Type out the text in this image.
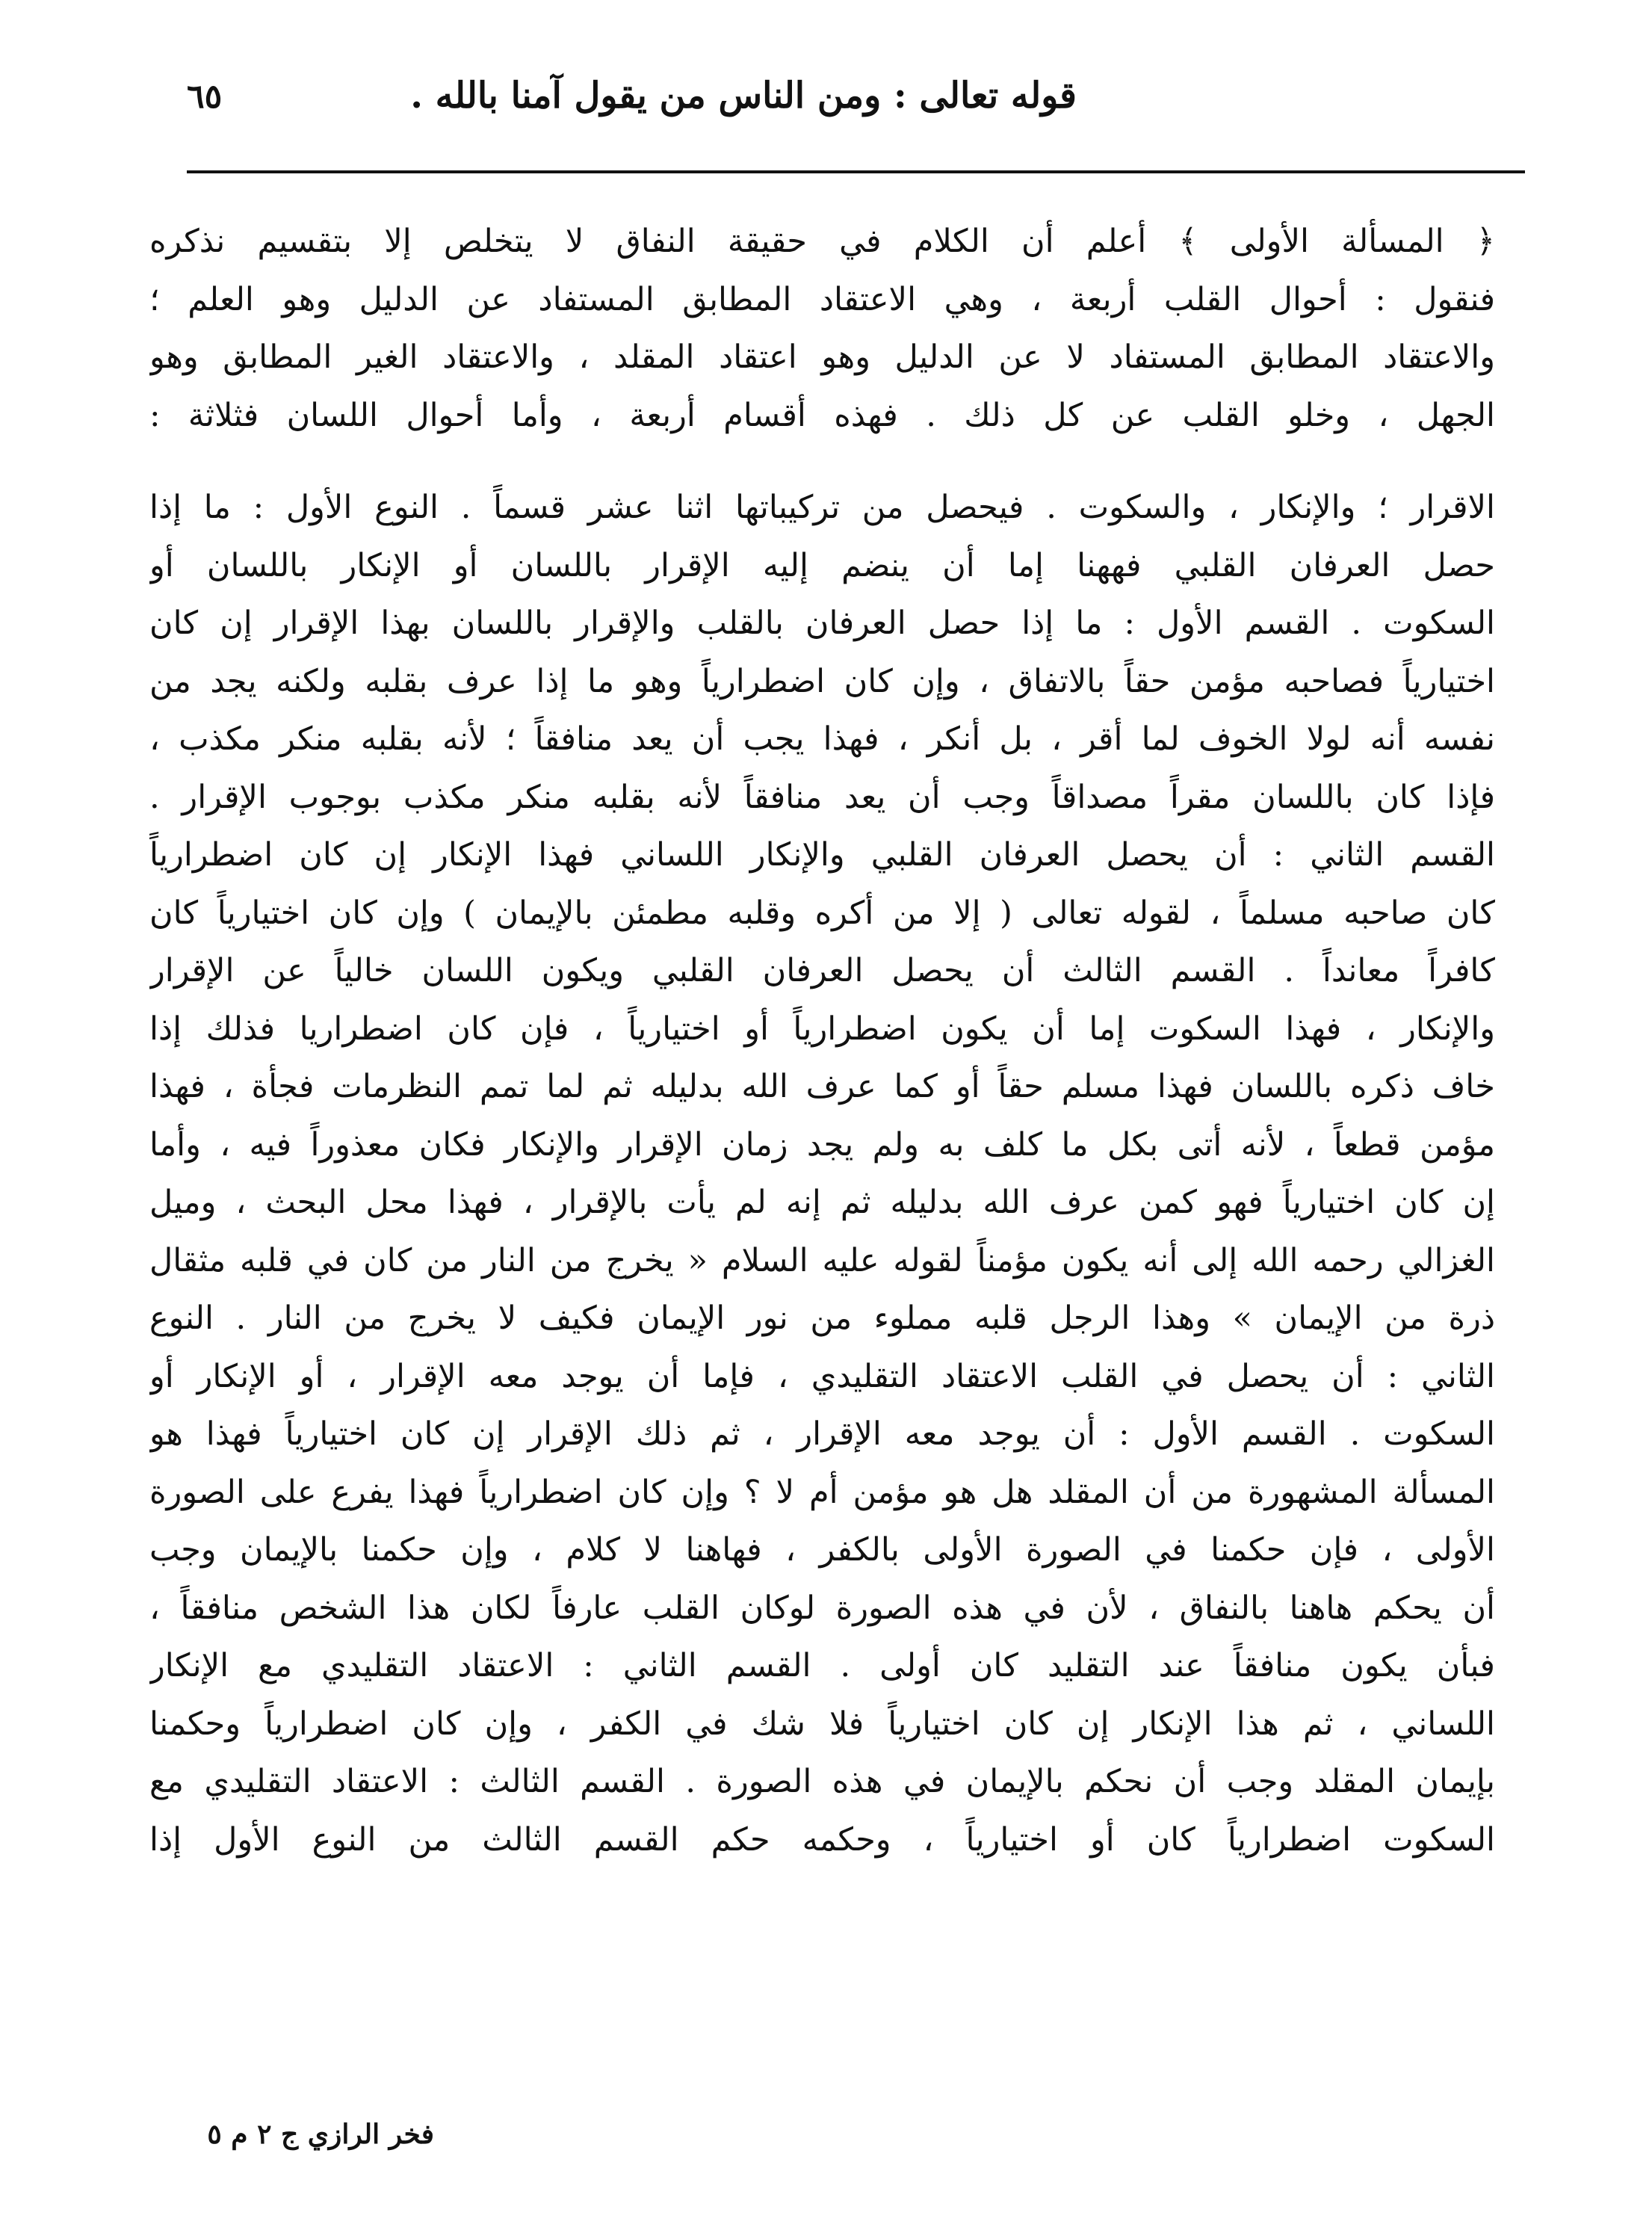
قوله تعالى : ومن الناس من يقول آمنا بالله .
٦٥
﴿ المسألة الأولى ﴾ أعلم أن الكلام في حقيقة النفاق لا يتخلص إلا بتقسيم نذكره
فنقول : أحوال القلب أربعة ، وهي الاعتقاد المطابق المستفاد عن الدليل وهو العلم ؛
والاعتقاد المطابق المستفاد لا عن الدليل وهو اعتقاد المقلد ، والاعتقاد الغير المطابق وهو
الجهل ، وخلو القلب عن كل ذلك . فهذه أقسام أربعة ، وأما أحوال اللسان فثلاثة :
الاقرار ؛ والإنكار ، والسكوت . فيحصل من تركيباتها اثنا عشر قسماً . النوع الأول : ما إذا
حصل العرفان القلبي فههنا إما أن ينضم إليه الإقرار باللسان أو الإنكار باللسان أو
السكوت . القسم الأول : ما إذا حصل العرفان بالقلب والإقرار باللسان بهذا الإقرار إن كان
اختيارياً فصاحبه مؤمن حقاً بالاتفاق ، وإن كان اضطرارياً وهو ما إذا عرف بقلبه ولكنه يجد من
نفسه أنه لولا الخوف لما أقر ، بل أنكر ، فهذا يجب أن يعد منافقاً ؛ لأنه بقلبه منكر مكذب ،
فإذا كان باللسان مقراً مصداقاً وجب أن يعد منافقاً لأنه بقلبه منكر مكذب بوجوب الإقرار .
القسم الثاني : أن يحصل العرفان القلبي والإنكار اللساني فهذا الإنكار إن كان اضطرارياً
كان صاحبه مسلماً ، لقوله تعالى ( إلا من أكره وقلبه مطمئن بالإيمان ) وإن كان اختيارياً كان
كافراً معانداً . القسم الثالث أن يحصل العرفان القلبي ويكون اللسان خالياً عن الإقرار
والإنكار ، فهذا السكوت إما أن يكون اضطرارياً أو اختيارياً ، فإن كان اضطراريا فذلك إذا
خاف ذكره باللسان فهذا مسلم حقاً أو كما عرف الله بدليله ثم لما تمم النظرمات فجأة ، فهذا
مؤمن قطعاً ، لأنه أتى بكل ما كلف به ولم يجد زمان الإقرار والإنكار فكان معذوراً فيه ، وأما
إن كان اختيارياً فهو كمن عرف الله بدليله ثم إنه لم يأت بالإقرار ، فهذا محل البحث ، وميل
الغزالي رحمه الله إلى أنه يكون مؤمناً لقوله عليه السلام « يخرج من النار من كان في قلبه مثقال
ذرة من الإيمان » وهذا الرجل قلبه مملوء من نور الإيمان فكيف لا يخرج من النار . النوع
الثاني : أن يحصل في القلب الاعتقاد التقليدي ، فإما أن يوجد معه الإقرار ، أو الإنكار أو
السكوت . القسم الأول : أن يوجد معه الإقرار ، ثم ذلك الإقرار إن كان اختيارياً فهذا هو
المسألة المشهورة من أن المقلد هل هو مؤمن أم لا ؟ وإن كان اضطرارياً فهذا يفرع على الصورة
الأولى ، فإن حكمنا في الصورة الأولى بالكفر ، فهاهنا لا كلام ، وإن حكمنا بالإيمان وجب
أن يحكم هاهنا بالنفاق ، لأن في هذه الصورة لوكان القلب عارفاً لكان هذا الشخص منافقاً ،
فبأن يكون منافقاً عند التقليد كان أولى . القسم الثاني : الاعتقاد التقليدي مع الإنكار
اللساني ، ثم هذا الإنكار إن كان اختيارياً فلا شك في الكفر ، وإن كان اضطرارياً وحكمنا
بإيمان المقلد وجب أن نحكم بالإيمان في هذه الصورة . القسم الثالث : الاعتقاد التقليدي مع
السكوت اضطرارياً كان أو اختيارياً ، وحكمه حكم القسم الثالث من النوع الأول إذا
فخر الرازي ج ٢ م ٥
